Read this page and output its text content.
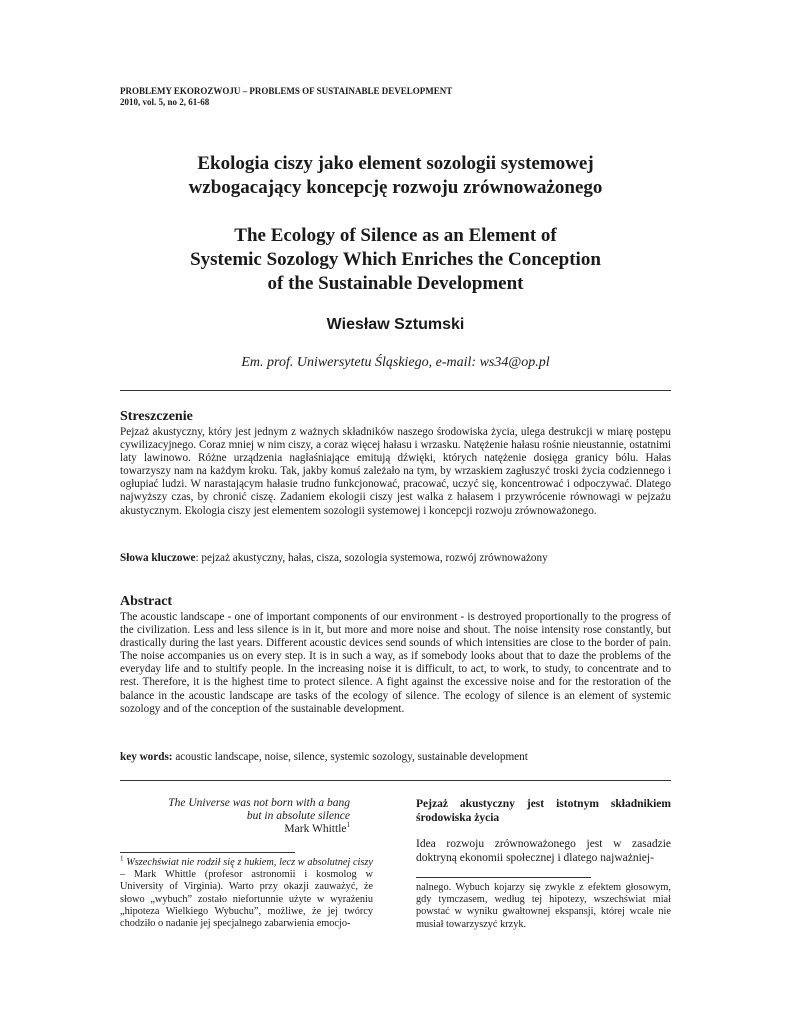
PROBLEMY EKOROZWOJU – PROBLEMS OF SUSTAINABLE DEVELOPMENT
2010, vol. 5, no 2, 61-68
Ekologia ciszy jako element sozologii systemowej
wzbogacający koncepcję rozwoju zrównoważonego
The Ecology of Silence as an Element of
Systemic Sozology Which Enriches the Conception
of the Sustainable Development
Wiesław Sztumski
Em. prof. Uniwersytetu Śląskiego, e-mail: ws34@op.pl
Streszczenie
Pejzaż akustyczny, który jest jednym z ważnych składników naszego środowiska życia, ulega destrukcji w miarę postępu cywilizacyjnego. Coraz mniej w nim ciszy, a coraz więcej hałasu i wrzasku. Natężenie hałasu rośnie nieustannie, ostatnimi laty lawinowo. Różne urządzenia nagłaśniające emitują dźwięki, których natężenie dosięga granicy bólu. Hałas towarzyszy nam na każdym kroku. Tak, jakby komuś zależało na tym, by wrzaskiem zagłuszyć troski życia codziennego i ogłupiać ludzi. W narastającym hałasie trudno funkcjonować, pracować, uczyć się, koncentrować i odpoczywać. Dlatego najwyższy czas, by chronić ciszę. Zadaniem ekologii ciszy jest walka z hałasem i przywrócenie równowagi w pejzażu akustycznym. Ekologia ciszy jest elementem sozologii systemowej i koncepcji rozwoju zrównoważonego.
Słowa kluczowe: pejzaż akustyczny, hałas, cisza, sozologia systemowa, rozwój zrównoważony
Abstract
The acoustic landscape - one of important components of our environment - is destroyed proportionally to the progress of the civilization. Less and less silence is in it, but more and more noise and shout. The noise intensity rose constantly, but drastically during the last years. Different acoustic devices send sounds of which intensities are close to the border of pain. The noise accompanies us on every step. It is in such a way, as if somebody looks about that to daze the problems of the everyday life and to stultify people. In the increasing noise it is difficult, to act, to work, to study, to concentrate and to rest. Therefore, it is the highest time to protect silence. A fight against the excessive noise and for the restoration of the balance in the acoustic landscape are tasks of the ecology of silence. The ecology of silence is an element of systemic sozology and of the conception of the sustainable development.
key words: acoustic landscape, noise, silence, systemic sozology, sustainable development
The Universe was not born with a bang
but in absolute silence
Mark Whittle$^1$
$^1$ Wszechświat nie rodził się z hukiem, lecz w absolutnej ciszy – Mark Whittle (profesor astronomii i kosmolog w University of Virginia). Warto przy okazji zauważyć, że słowo „wybuch” zostało niefortunnie użyte w wyrażeniu „hipoteza Wielkiego Wybuchu”, możliwe, że jej twórcy chodziło o nadanie jej specjalnego zabarwienia emocjo-
Pejzaż akustyczny jest istotnym składnikiem środowiska życia
Idea rozwoju zrównoważonego jest w zasadzie doktryną ekonomii społecznej i dlatego najważniej-
nalnego. Wybuch kojarzy się zwykle z efektem głosowym, gdy tymczasem, według tej hipotezy, wszechświat miał powstać w wyniku gwałtownej ekspansji, której wcale nie musiał towarzyszyć krzyk.
